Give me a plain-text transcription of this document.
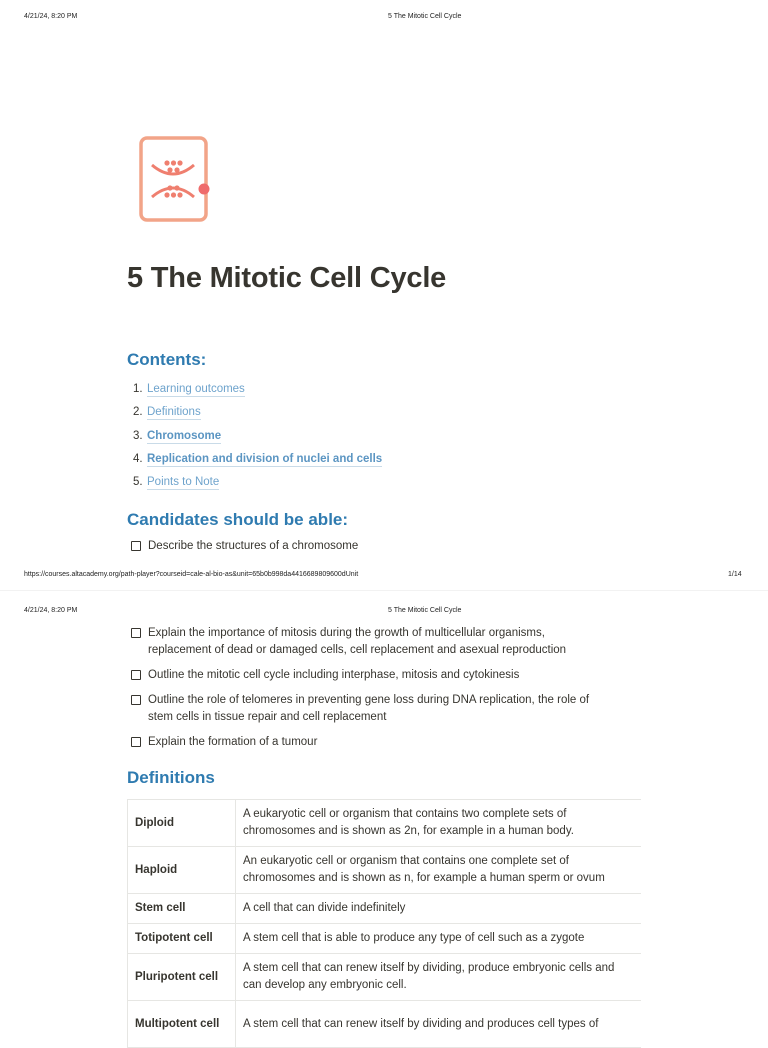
4/21/24, 8:20 PM	5 The Mitotic Cell Cycle
5 The Mitotic Cell Cycle
Contents:
1. Learning outcomes
2. Definitions
3. Chromosome
4. Replication and division of nuclei and cells
5. Points to Note
Candidates should be able:
Describe the structures of a chromosome
https://courses.altacademy.org/path-player?courseid=cale-al-bio-as&unit=65b0b998da4416689809600dUnit	1/14
4/21/24, 8:20 PM	5 The Mitotic Cell Cycle
Explain the importance of mitosis during the growth of multicellular organisms,
replacement of dead or damaged cells, cell replacement and asexual reproduction
Outline the mitotic cell cycle including interphase, mitosis and cytokinesis
Outline the role of telomeres in preventing gene loss during DNA replication, the role of
stem cells in tissue repair and cell replacement
Explain the formation of a tumour
Definitions
Diploid	A eukaryotic cell or organism that contains two complete sets of
chromosomes and is shown as 2n, for example in a human body.

Haploid	An eukaryotic cell or organism that contains one complete set of
chromosomes and is shown as n, for example a human sperm or ovum

Stem cell	A cell that can divide indefinitely

Totipotent cell	A stem cell that is able to produce any type of cell such as a zygote

Pluripotent cell	A stem cell that can renew itself by dividing, produce embryonic cells and
can develop any embryonic cell.

Multipotent cell	A stem cell that can renew itself by dividing and produces cell types of
